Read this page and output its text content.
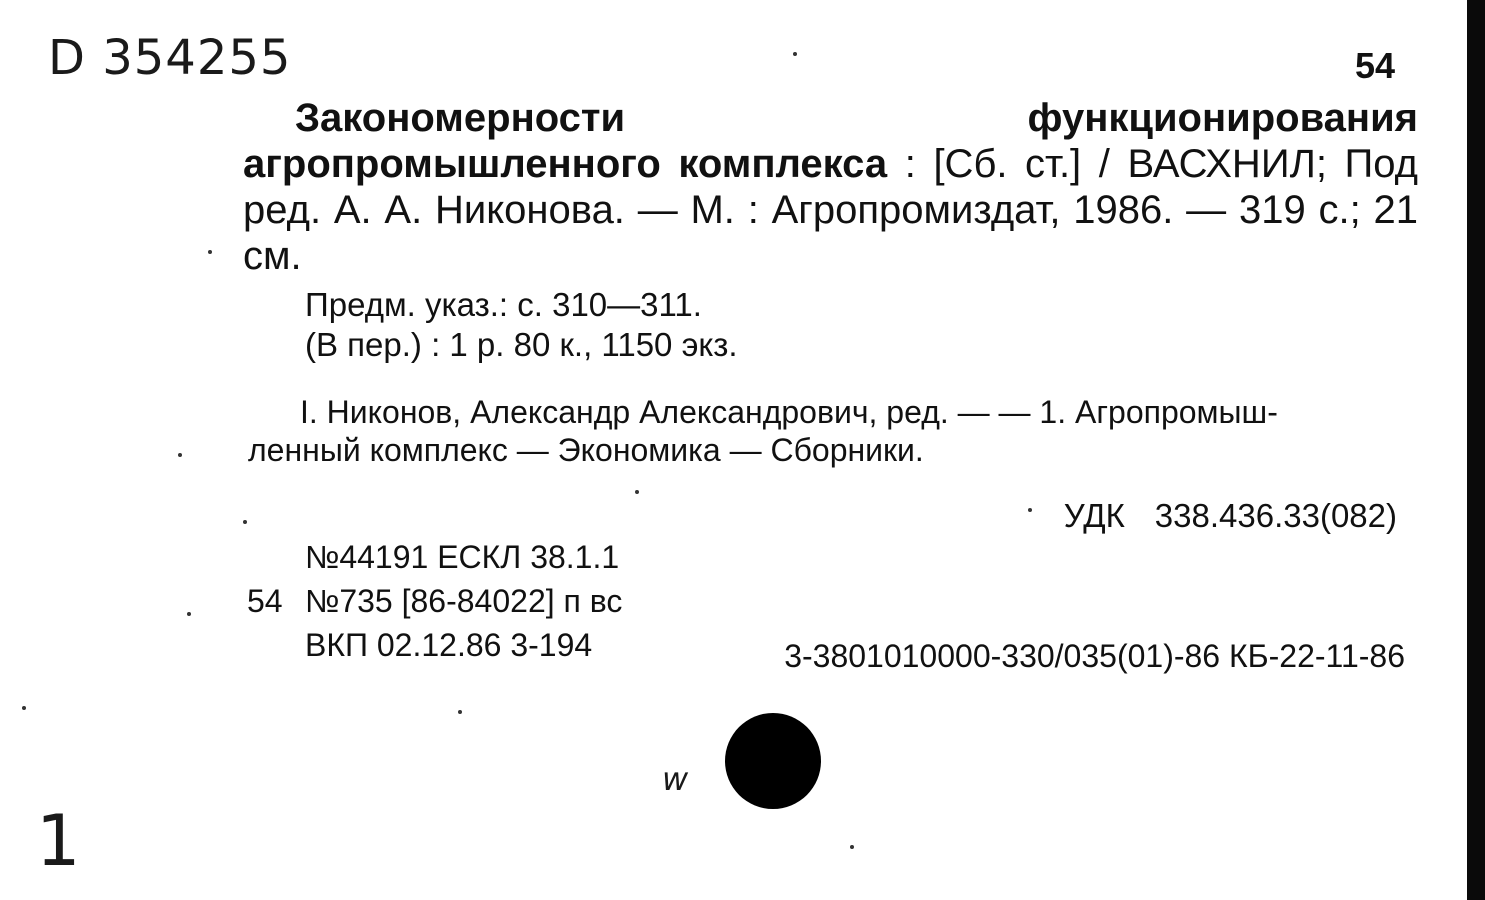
D 354255	54
Закономерности функционирования агропромышленного комплекса : [Сб. ст.] / ВАСХНИЛ; Под ред. А. А. Никонова. — М. : Агропромиздат, 1986. — 319 с.; 21 см.
Предм. указ.: с. 310—311.
(В пер.) : 1 р. 80 к., 1150 экз.
I. Никонов, Александр Александрович, ред. — — 1. Агропромыш-
ленный комплекс — Экономика — Сборники.
УДК 338.436.33(082)
№44191 ЕСКЛ 38.1.1
54 №735 [86-84022] п вс
ВКП 02.12.86 3-194	3-3801010000-330/035(01)-86 КБ-22-11-86
w
1
